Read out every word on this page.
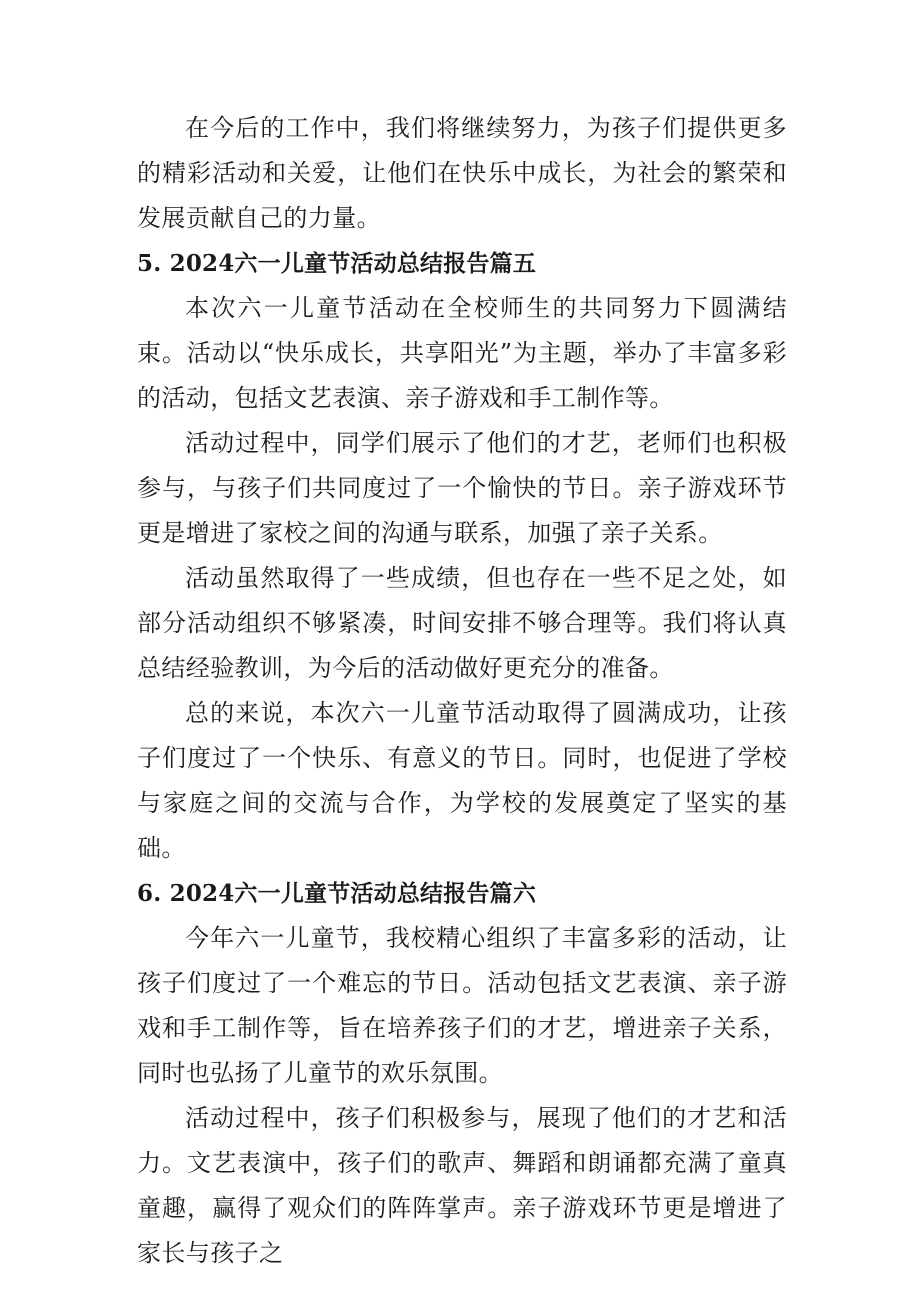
在今后的工作中，我们将继续努力，为孩子们提供更多的精彩活动和关爱，让他们在快乐中成长，为社会的繁荣和发展贡献自己的力量。

5. 2024六一儿童节活动总结报告篇五

本次六一儿童节活动在全校师生的共同努力下圆满结束。活动以“快乐成长，共享阳光”为主题，举办了丰富多彩的活动，包括文艺表演、亲子游戏和手工制作等。

活动过程中，同学们展示了他们的才艺，老师们也积极参与，与孩子们共同度过了一个愉快的节日。亲子游戏环节更是增进了家校之间的沟通与联系，加强了亲子关系。

活动虽然取得了一些成绩，但也存在一些不足之处，如部分活动组织不够紧凑，时间安排不够合理等。我们将认真总结经验教训，为今后的活动做好更充分的准备。

总的来说，本次六一儿童节活动取得了圆满成功，让孩子们度过了一个快乐、有意义的节日。同时，也促进了学校与家庭之间的交流与合作，为学校的发展奠定了坚实的基础。

6. 2024六一儿童节活动总结报告篇六

今年六一儿童节，我校精心组织了丰富多彩的活动，让孩子们度过了一个难忘的节日。活动包括文艺表演、亲子游戏和手工制作等，旨在培养孩子们的才艺，增进亲子关系，同时也弘扬了儿童节的欢乐氛围。

活动过程中，孩子们积极参与，展现了他们的才艺和活力。文艺表演中，孩子们的歌声、舞蹈和朗诵都充满了童真童趣，赢得了观众们的阵阵掌声。亲子游戏环节更是增进了家长与孩子之
